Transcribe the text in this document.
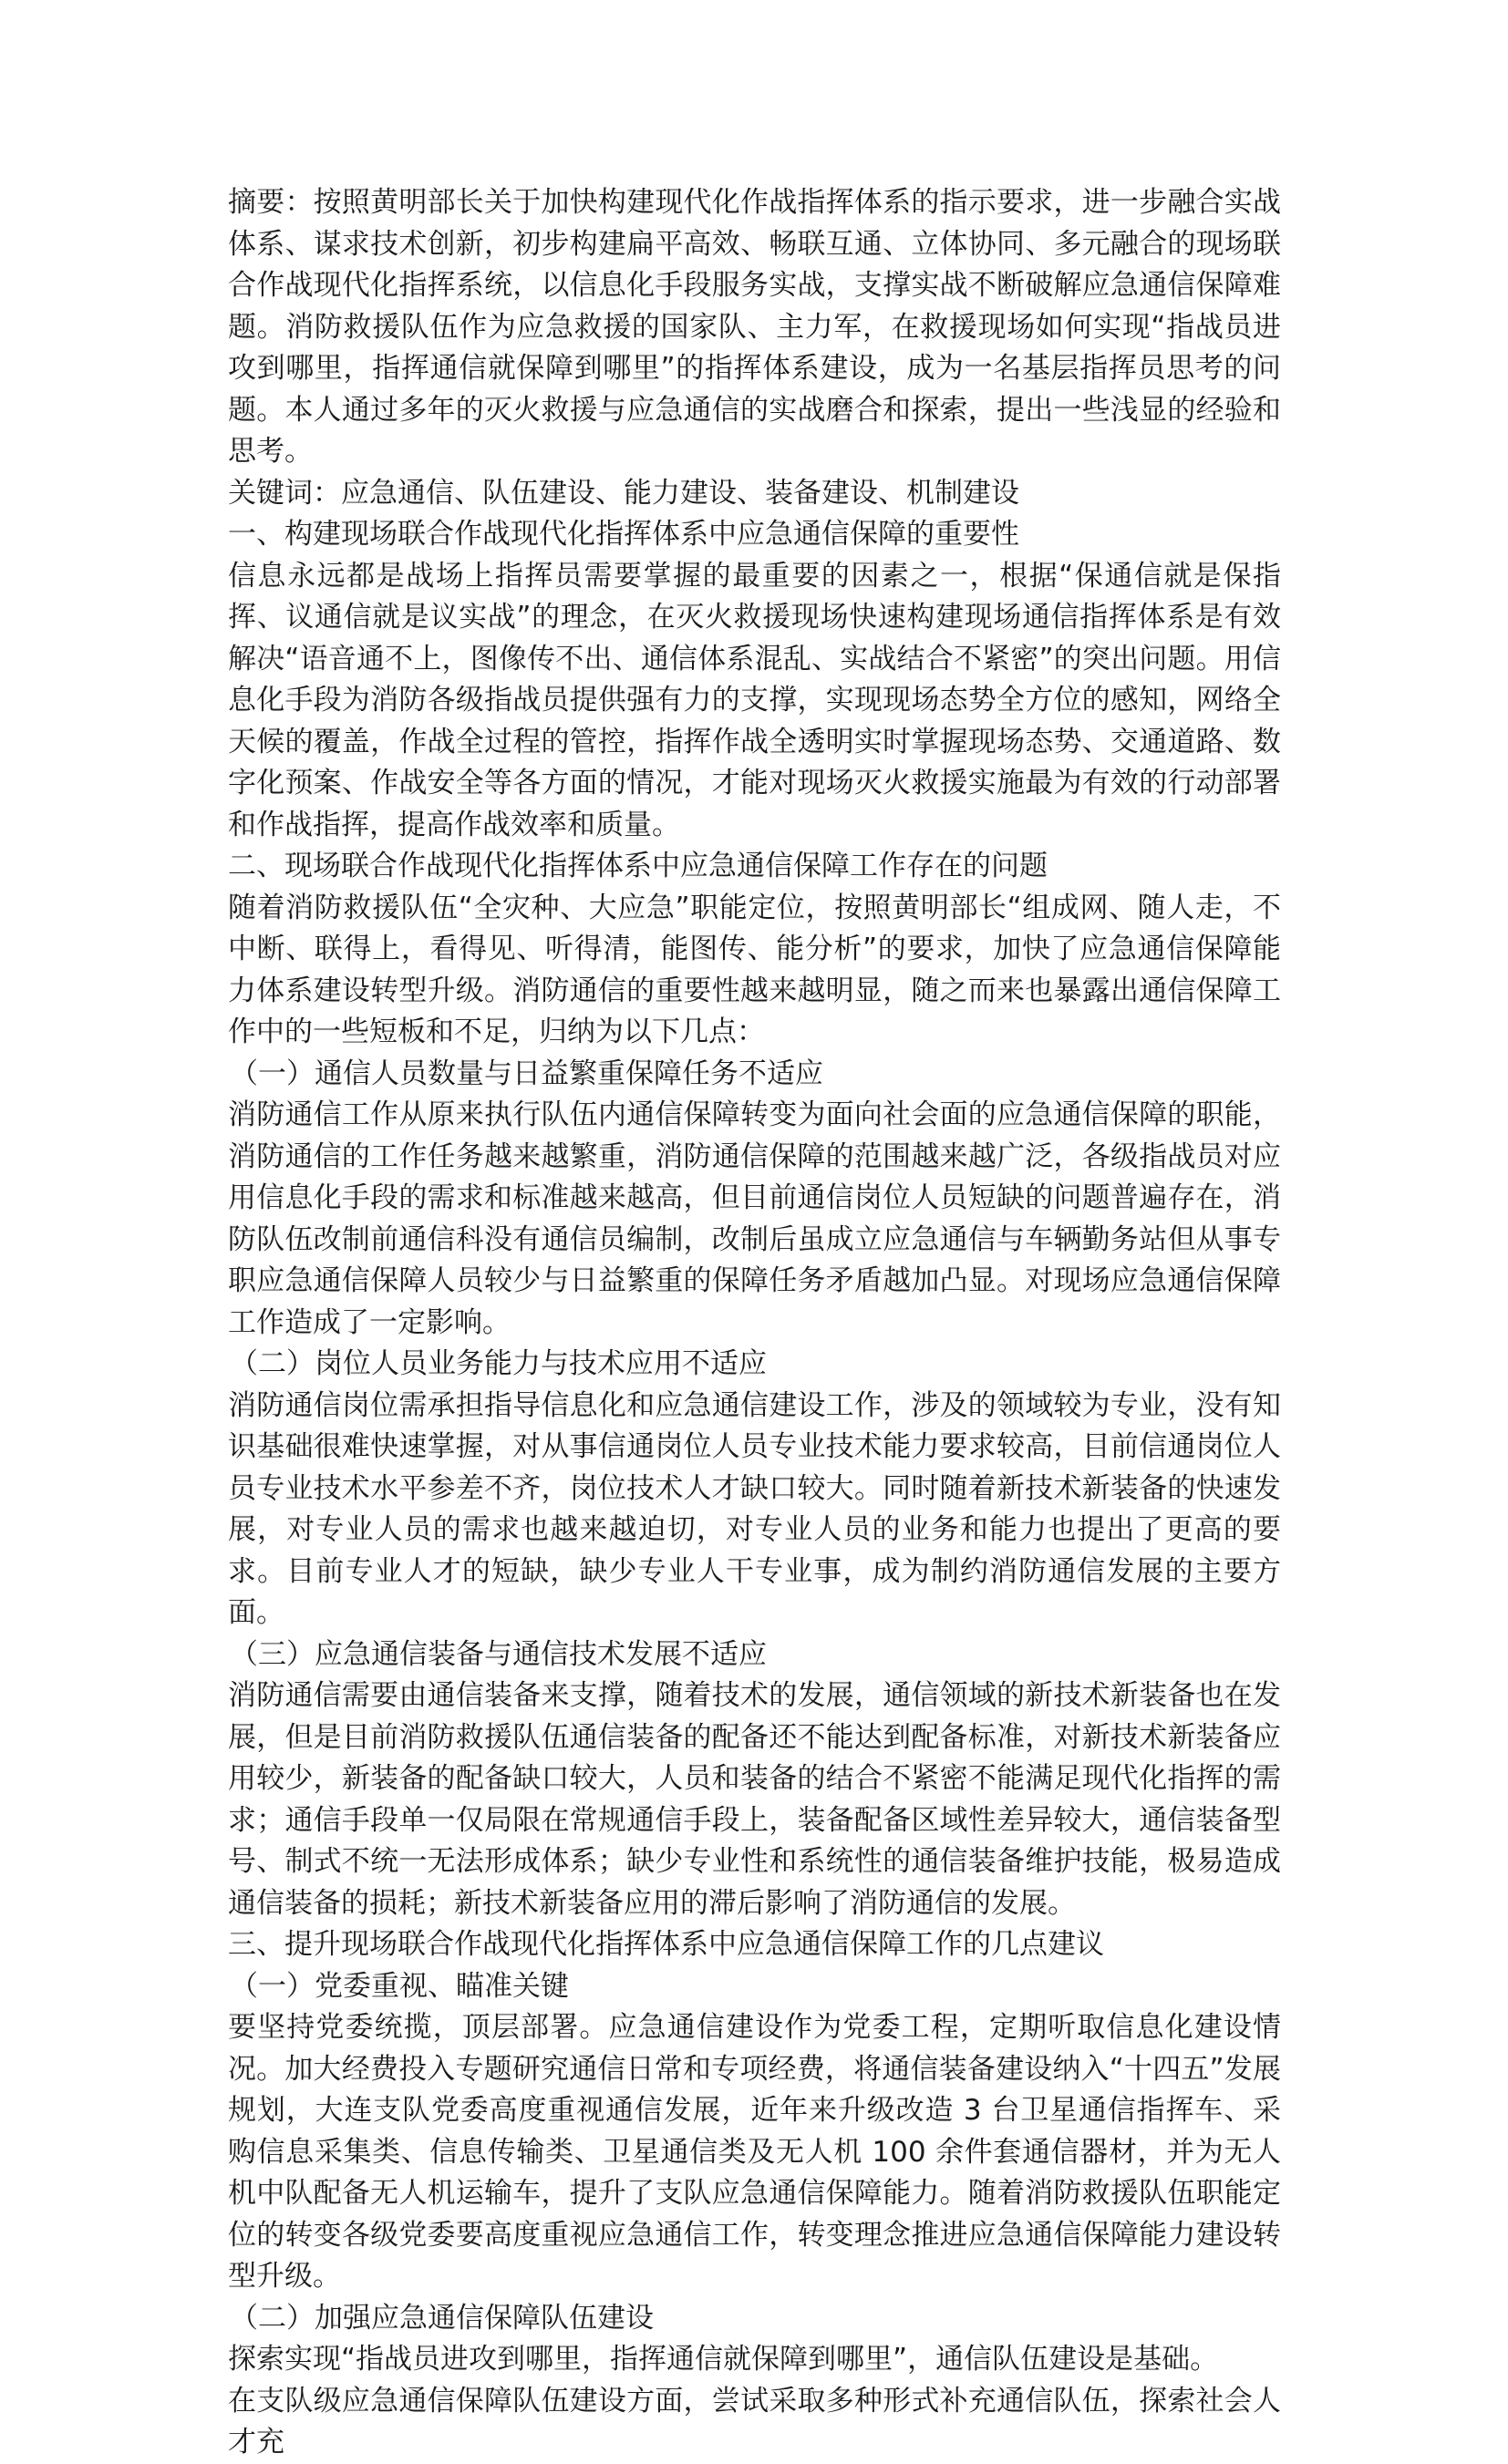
摘要：按照黄明部长关于加快构建现代化作战指挥体系的指示要求，进一步融合实战体系、谋求技术创新，初步构建扁平高效、畅联互通、立体协同、多元融合的现场联合作战现代化指挥系统，以信息化手段服务实战，支撑实战不断破解应急通信保障难题。消防救援队伍作为应急救援的国家队、主力军，在救援现场如何实现“指战员进攻到哪里，指挥通信就保障到哪里”的指挥体系建设，成为一名基层指挥员思考的问题。本人通过多年的灭火救援与应急通信的实战磨合和探索，提出一些浅显的经验和思考。

关键词：应急通信、队伍建设、能力建设、装备建设、机制建设

一、构建现场联合作战现代化指挥体系中应急通信保障的重要性

信息永远都是战场上指挥员需要掌握的最重要的因素之一，根据“保通信就是保指挥、议通信就是议实战”的理念，在灭火救援现场快速构建现场通信指挥体系是有效解决“语音通不上，图像传不出、通信体系混乱、实战结合不紧密”的突出问题。用信息化手段为消防各级指战员提供强有力的支撑，实现现场态势全方位的感知，网络全天候的覆盖，作战全过程的管控，指挥作战全透明实时掌握现场态势、交通道路、数字化预案、作战安全等各方面的情况，才能对现场灭火救援实施最为有效的行动部署和作战指挥，提高作战效率和质量。

二、现场联合作战现代化指挥体系中应急通信保障工作存在的问题

随着消防救援队伍“全灾种、大应急”职能定位，按照黄明部长“组成网、随人走，不中断、联得上，看得见、听得清，能图传、能分析”的要求，加快了应急通信保障能力体系建设转型升级。消防通信的重要性越来越明显，随之而来也暴露出通信保障工作中的一些短板和不足，归纳为以下几点：

（一）通信人员数量与日益繁重保障任务不适应

消防通信工作从原来执行队伍内通信保障转变为面向社会面的应急通信保障的职能，消防通信的工作任务越来越繁重，消防通信保障的范围越来越广泛，各级指战员对应用信息化手段的需求和标准越来越高，但目前通信岗位人员短缺的问题普遍存在，消防队伍改制前通信科没有通信员编制，改制后虽成立应急通信与车辆勤务站但从事专职应急通信保障人员较少与日益繁重的保障任务矛盾越加凸显。对现场应急通信保障工作造成了一定影响。

（二）岗位人员业务能力与技术应用不适应

消防通信岗位需承担指导信息化和应急通信建设工作，涉及的领域较为专业，没有知识基础很难快速掌握，对从事信通岗位人员专业技术能力要求较高，目前信通岗位人员专业技术水平参差不齐，岗位技术人才缺口较大。同时随着新技术新装备的快速发展，对专业人员的需求也越来越迫切，对专业人员的业务和能力也提出了更高的要求。目前专业人才的短缺，缺少专业人干专业事，成为制约消防通信发展的主要方面。

（三）应急通信装备与通信技术发展不适应

消防通信需要由通信装备来支撑，随着技术的发展，通信领域的新技术新装备也在发展，但是目前消防救援队伍通信装备的配备还不能达到配备标准，对新技术新装备应用较少，新装备的配备缺口较大，人员和装备的结合不紧密不能满足现代化指挥的需求；通信手段单一仅局限在常规通信手段上，装备配备区域性差异较大，通信装备型号、制式不统一无法形成体系；缺少专业性和系统性的通信装备维护技能，极易造成通信装备的损耗；新技术新装备应用的滞后影响了消防通信的发展。

三、提升现场联合作战现代化指挥体系中应急通信保障工作的几点建议

（一）党委重视、瞄准关键

要坚持党委统揽，顶层部署。应急通信建设作为党委工程，定期听取信息化建设情况。加大经费投入专题研究通信日常和专项经费，将通信装备建设纳入“十四五”发展规划，大连支队党委高度重视通信发展，近年来升级改造 3 台卫星通信指挥车、采购信息采集类、信息传输类、卫星通信类及无人机 100 余件套通信器材，并为无人机中队配备无人机运输车，提升了支队应急通信保障能力。随着消防救援队伍职能定位的转变各级党委要高度重视应急通信工作，转变理念推进应急通信保障能力建设转型升级。

（二）加强应急通信保障队伍建设

探索实现“指战员进攻到哪里，指挥通信就保障到哪里”，通信队伍建设是基础。

在支队级应急通信保障队伍建设方面，尝试采取多种形式补充通信队伍，探索社会人才充
